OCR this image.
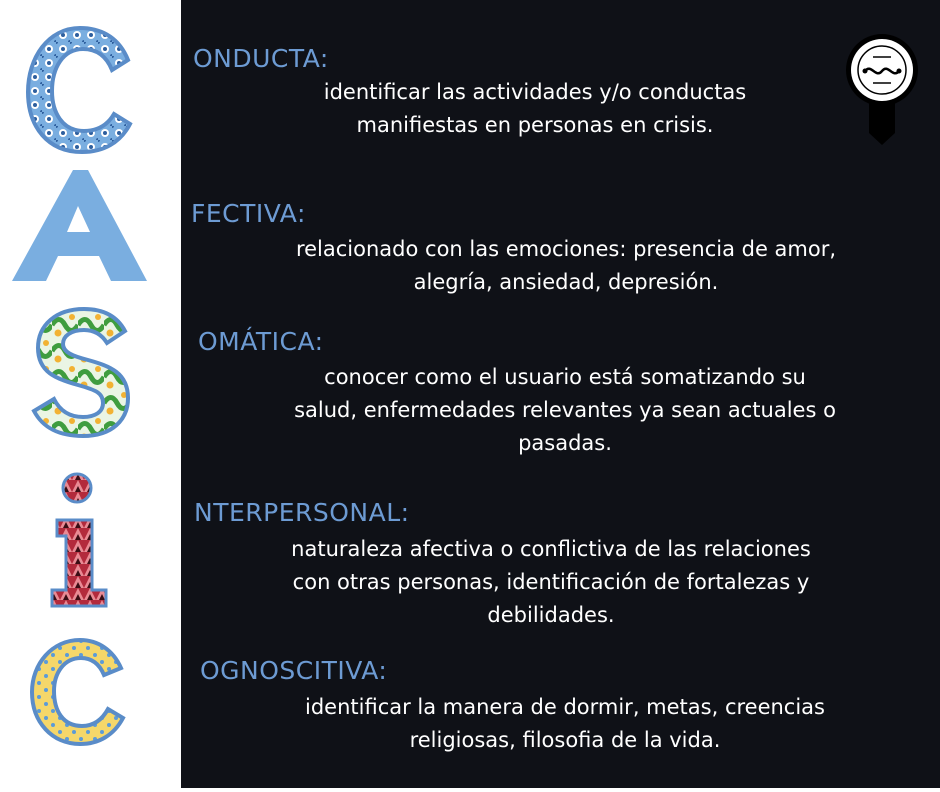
ONDUCTA:
identificar las actividades y/o conductas
manifiestas en personas en crisis.
FECTIVA:
relacionado con las emociones: presencia de amor,
alegría, ansiedad, depresión.
OMÁTICA:
conocer como el usuario está somatizando su
salud, enfermedades relevantes ya sean actuales o
pasadas.
NTERPERSONAL:
naturaleza afectiva o conflictiva de las relaciones
con otras personas, identificación de fortalezas y
debilidades.
OGNOSCITIVA:
identificar la manera de dormir, metas, creencias
religiosas, filosofia de la vida.
